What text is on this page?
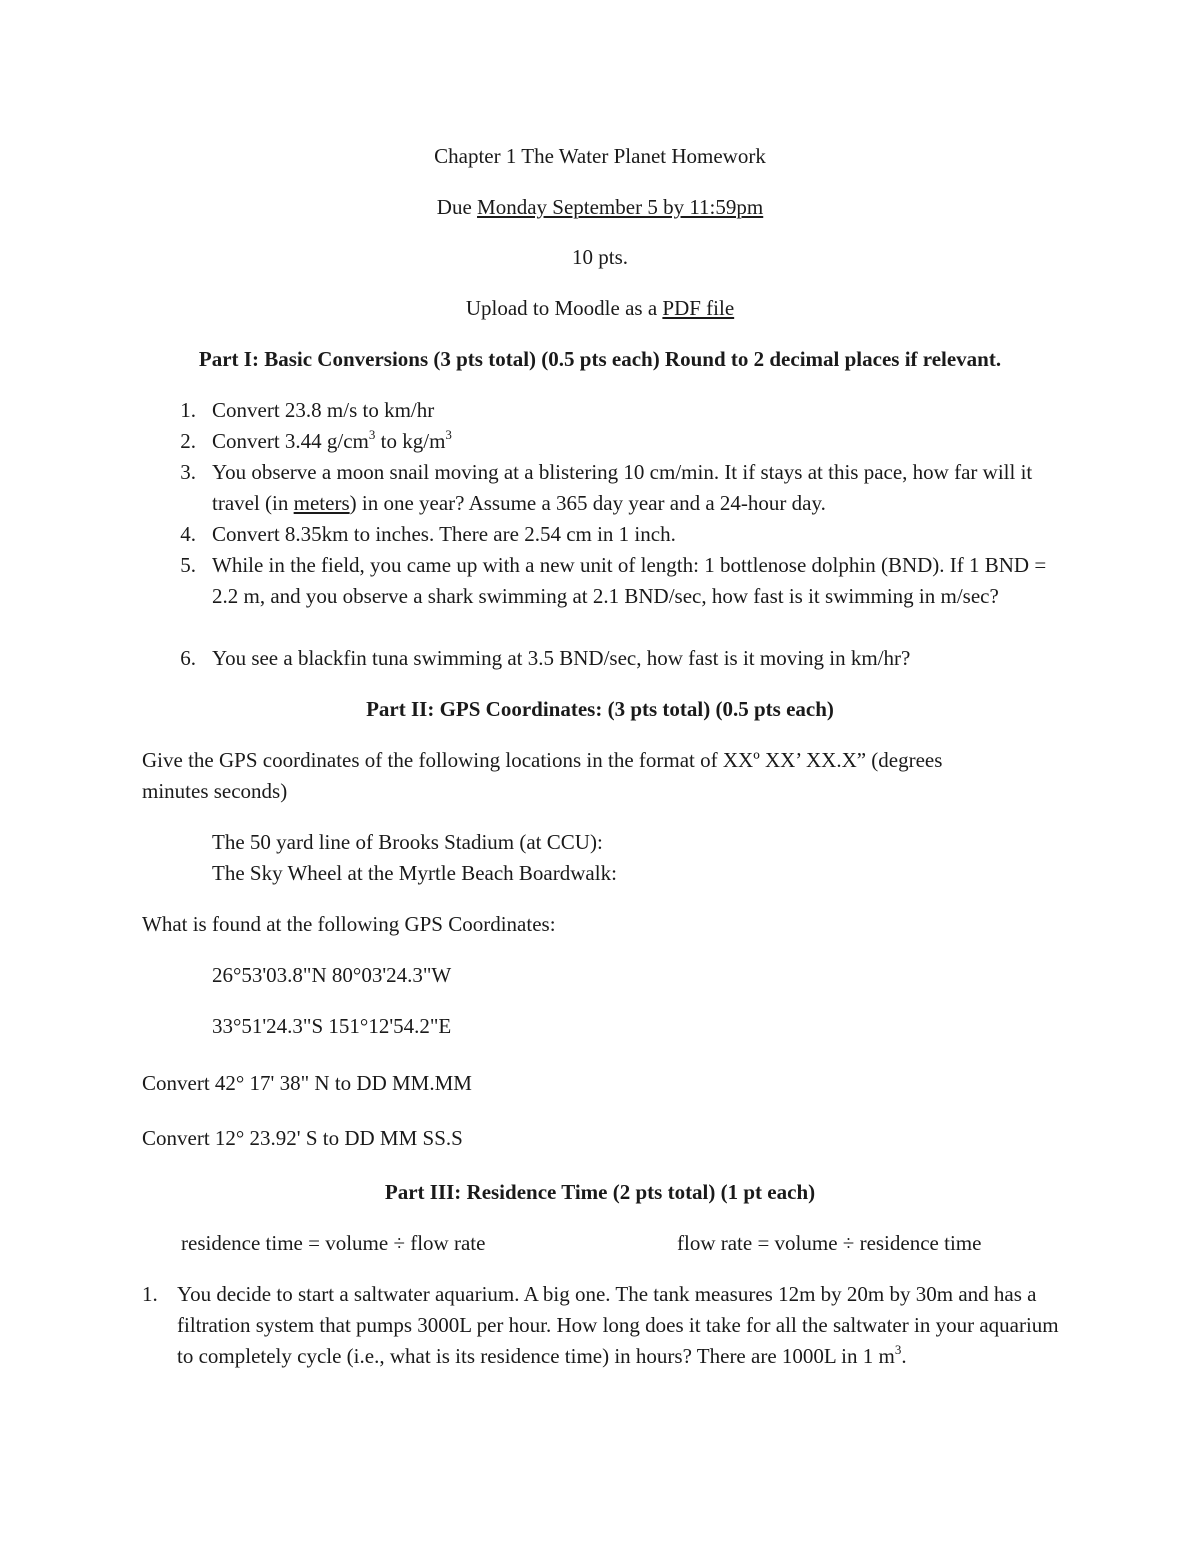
Chapter 1 The Water Planet Homework
Due Monday September 5 by 11:59pm
10 pts.
Upload to Moodle as a PDF file
Part I: Basic Conversions (3 pts total) (0.5 pts each) Round to 2 decimal places if relevant.
1. Convert 23.8 m/s to km/hr
2. Convert 3.44 $g/cm^3$ to $kg/m^3$
3. You observe a moon snail moving at a blistering 10 cm/min. It if stays at this pace, how far will it travel (in meters) in one year? Assume a 365 day year and a 24-hour day.
4. Convert 8.35km to inches. There are 2.54 cm in 1 inch.
5. While in the field, you came up with a new unit of length: 1 bottlenose dolphin (BND). If 1 BND = 2.2 m, and you observe a shark swimming at 2.1 BND/sec, how fast is it swimming in m/sec?
6. You see a blackfin tuna swimming at 3.5 BND/sec, how fast is it moving in km/hr?
Part II: GPS Coordinates: (3 pts total) (0.5 pts each)
Give the GPS coordinates of the following locations in the format of XXº XX’ XX.X” (degrees
minutes seconds)
The 50 yard line of Brooks Stadium (at CCU):
The Sky Wheel at the Myrtle Beach Boardwalk:
What is found at the following GPS Coordinates:
26°53'03.8"N 80°03'24.3"W
33°51'24.3"S 151°12'54.2"E
Convert 42° 17' 38" N to DD MM.MM
Convert 12° 23.92' S to DD MM SS.S
Part III: Residence Time (2 pts total) (1 pt each)
residence time = volume ÷ flow rate	flow rate = volume ÷ residence time
1. You decide to start a saltwater aquarium. A big one. The tank measures 12m by 20m by 30m and has a filtration system that pumps 3000L per hour. How long does it take for all the saltwater in your aquarium to completely cycle (i.e., what is its residence time) in hours? There are 1000L in 1 $m^3$.
